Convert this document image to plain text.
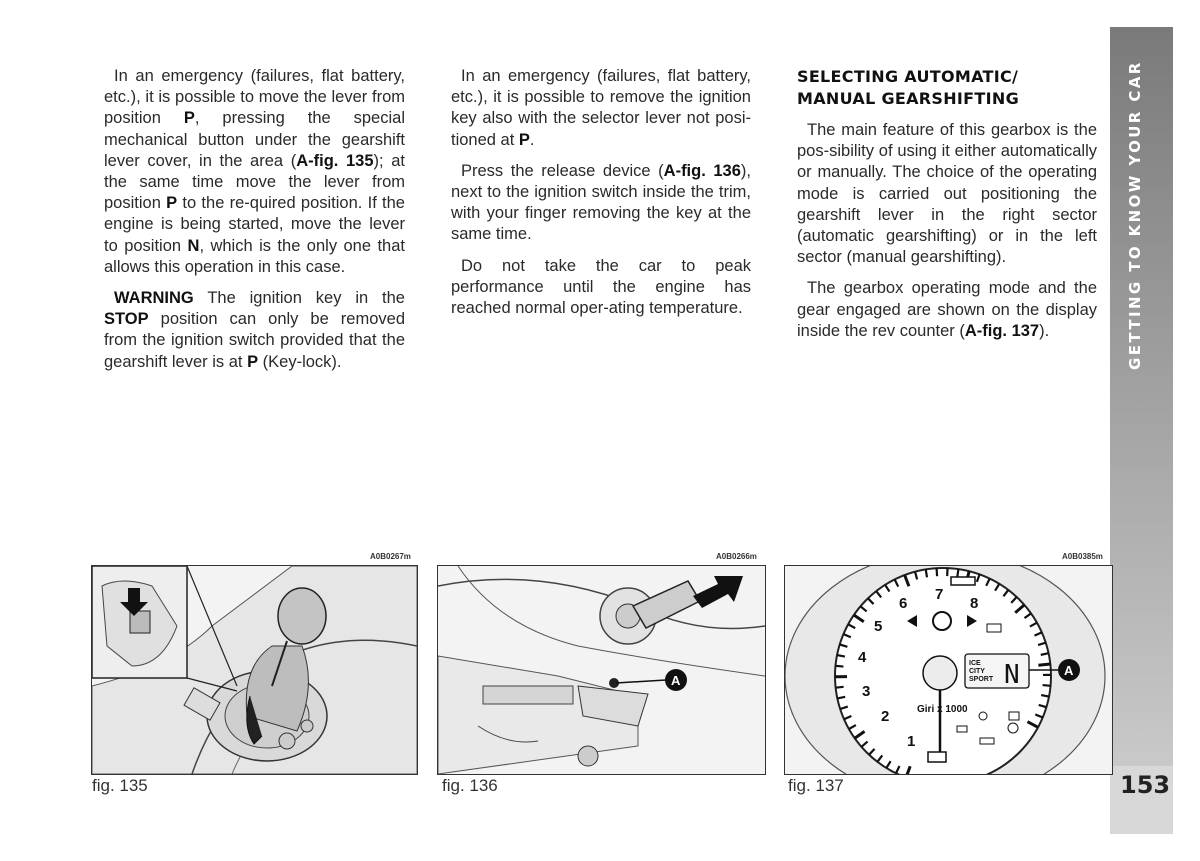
In an emergency (failures, flat battery, etc.), it is possible to move the lever from position P, pressing the special mechanical button under the gearshift lever cover, in the area (A-fig. 135); at the same time move the lever from position P to the re-quired position. If the engine is being started, move the lever to position N, which is the only one that allows this operation in this case.

WARNING The ignition key in the STOP position can only be removed from the ignition switch provided that the gearshift lever is at P (Key-lock).

In an emergency (failures, flat battery, etc.), it is possible to remove the ignition key also with the selector lever not posi-tioned at P.

Press the release device (A-fig. 136), next to the ignition switch inside the trim, with your finger removing the key at the same time.

Do not take the car to peak performance until the engine has reached normal oper-ating temperature.

SELECTING AUTOMATIC/
MANUAL GEARSHIFTING

The main feature of this gearbox is the pos-sibility of using it either automatically or manually. The choice of the operating mode is carried out positioning the gearshift lever in the right sector (automatic gearshifting) or in the left sector (manual gearshifting).

The gearbox operating mode and the gear engaged are shown on the display inside the rev counter (A-fig. 137).

153
A0B0267m	A0B0266m	A0B0385m
A
1
2
3
4
5
6
7
8
ICE
CITY
SPORT N	A
Giri x 1000
fig. 135	fig. 136	fig. 137
